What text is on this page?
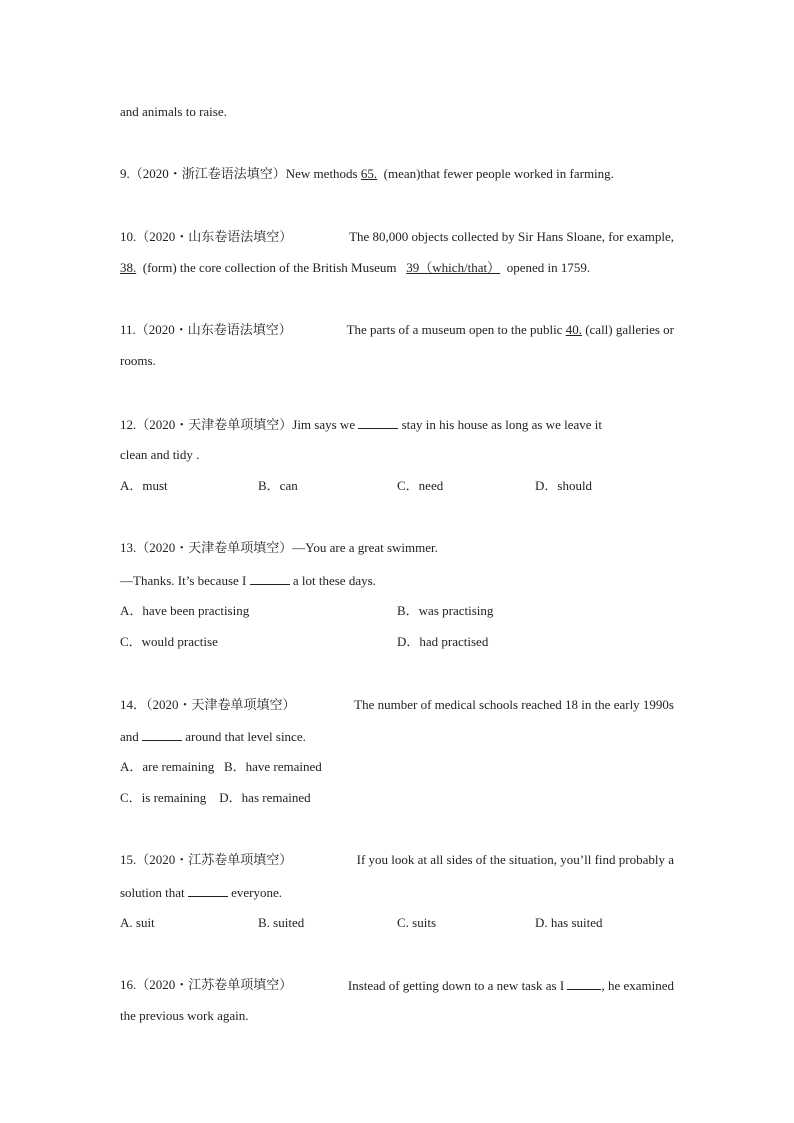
and animals to raise.
9.（2020・浙江卷语法填空）New methods 65. (mean)that fewer people worked in farming.
10.（2020・山东卷语法填空）	The 80,000 objects collected by Sir Hans Sloane, for example,
38. (form) the core collection of the British Museum 39（which/that） opened in 1759.
11.（2020・山东卷语法填空）	The parts of a museum open to the public 40. (call) galleries or
rooms.
12.（2020・天津卷单项填空）Jim says we	stay in his house as long as we leave it
clean and tidy .
A．must	B．can	C．need	D．should
13.（2020・天津卷单项填空）—You are a great swimmer.
—Thanks. It’s because I	a lot these days.
A．have been practising	B．was practising
C．would practise	D．had practised
14．（2020・天津卷单项填空）	The number of medical schools reached 18 in the early 1990s
and	around that level since.
A．are remaining B．have remained
C．is remaining D．has remained
15.（2020・江苏卷单项填空）	If you look at all sides of the situation, you’ll find probably a
solution that	everyone.
A. suit	B. suited	C. suits	D. has suited
16.（2020・江苏卷单项填空）	Instead of getting down to a new task as I	, he examined
the previous work again.
